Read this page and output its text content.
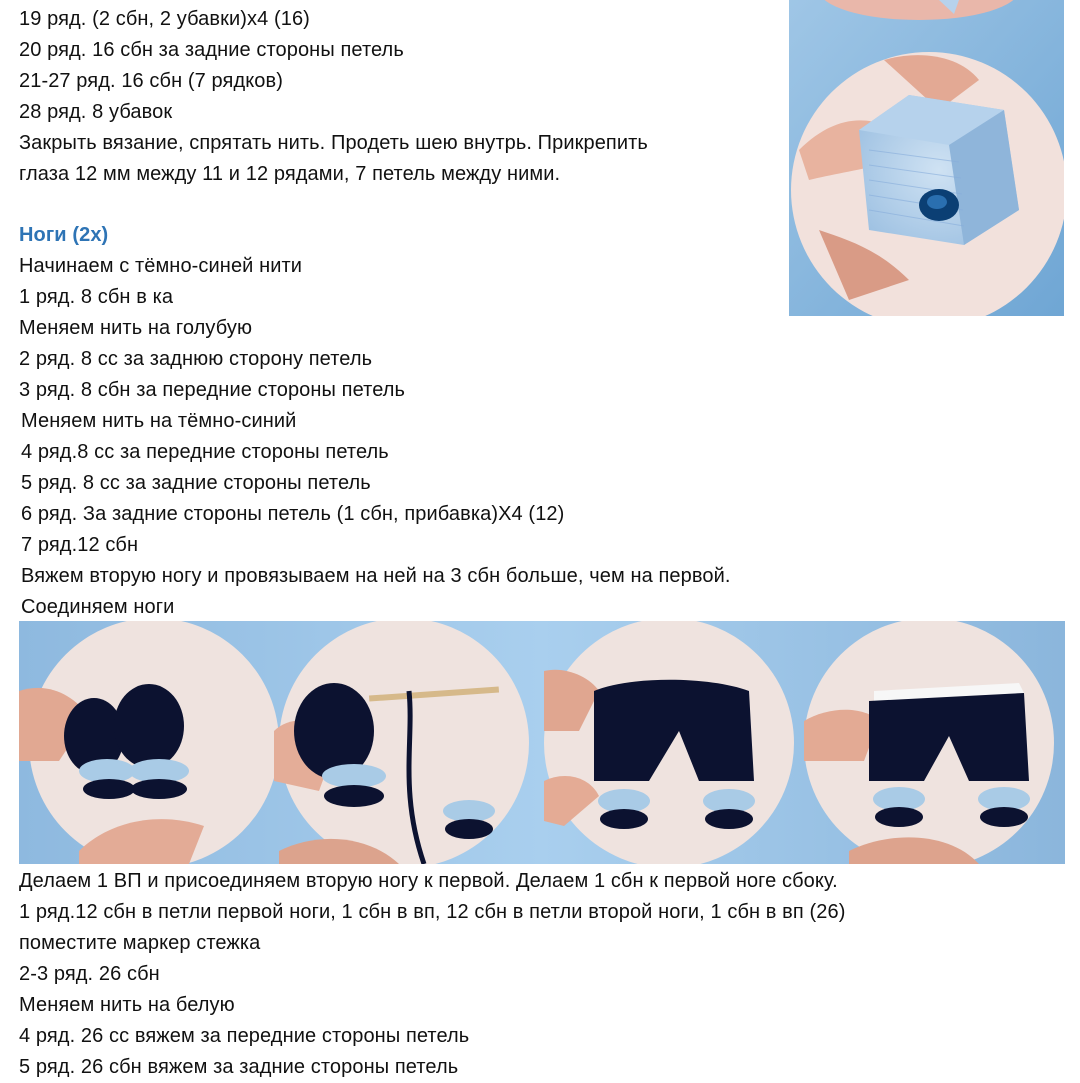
19 ряд. (2 сбн, 2 убавки)х4 (16)
20 ряд. 16 сбн за задние стороны петель
21-27 ряд. 16 сбн (7 рядков)
28 ряд. 8 убавок
Закрыть вязание, спрятать нить. Продеть шею внутрь. Прикрепить
глаза 12 мм между 11 и 12 рядами, 7 петель между ними.
Ноги (2х)
Начинаем с тёмно-синей нити
1 ряд. 8 сбн в ка
Меняем нить на голубую
2 ряд. 8 сс за заднюю сторону петель
3 ряд. 8 сбн за передние стороны петель
Меняем нить на тёмно-синий
4 ряд.8 сс за передние стороны петель
5 ряд. 8 сс за задние стороны петель
6 ряд. За задние стороны петель (1 сбн, прибавка)Х4 (12)
7 ряд.12 сбн
Вяжем вторую ногу и провязываем на ней на 3 сбн больше, чем на первой.
Соединяем ноги
Делаем 1 ВП и присоединяем вторую ногу к первой. Делаем 1 сбн к первой ноге сбоку.
1 ряд.12 сбн в петли первой ноги, 1 сбн в вп, 12 сбн в петли второй ноги, 1 сбн в вп (26)
поместите маркер стежка
2-3 ряд. 26 сбн
Меняем нить на белую
4 ряд. 26 сс вяжем за передние стороны петель
5 ряд. 26 сбн вяжем за задние стороны петель
